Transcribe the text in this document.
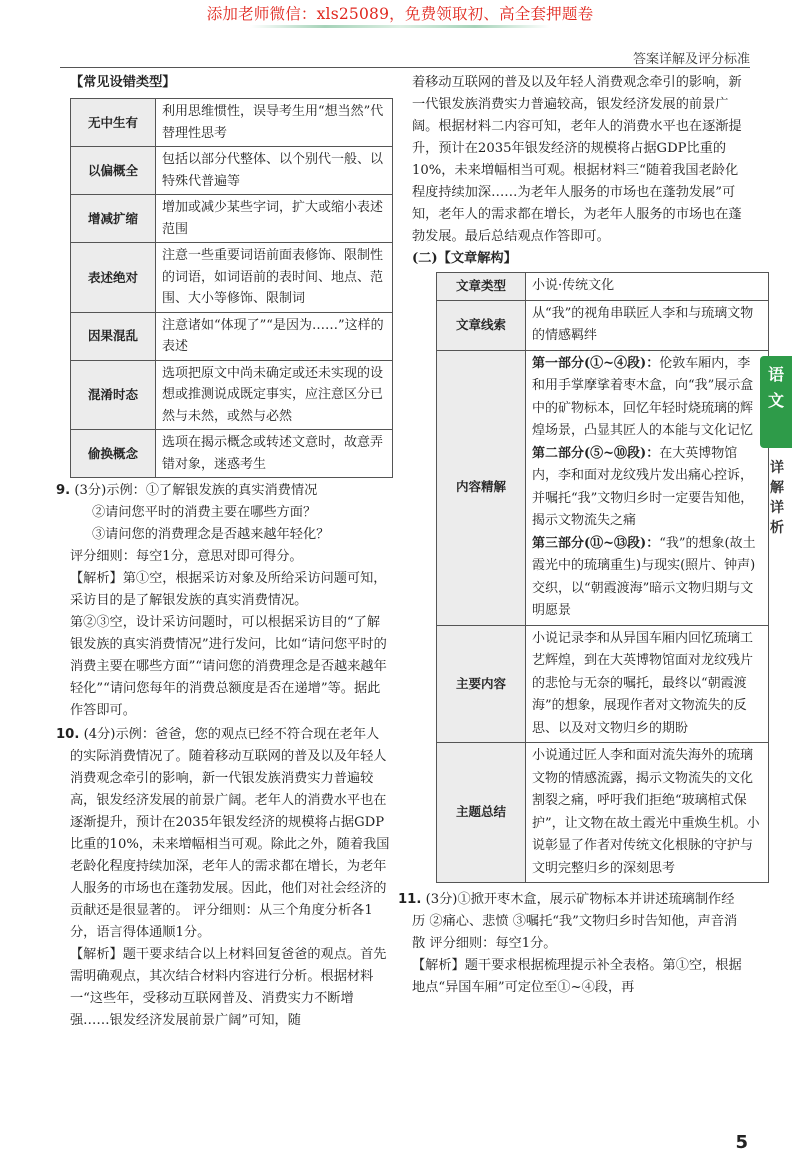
添加老师微信：xls25089，免费领取初、高全套押题卷
答案详解及评分标准
【常见设错类型】
无中生有	利用思维惯性，误导考生用“想当然”代替理性思考
以偏概全	包括以部分代整体、以个别代一般、以特殊代普遍等
增减扩缩	增加或减少某些字词，扩大或缩小表述范围
表述绝对	注意一些重要词语前面表修饰、限制性的词语，如词语前的表时间、地点、范围、大小等修饰、限制词
因果混乱	注意诸如“体现了”“是因为……”这样的表述
混淆时态	选项把原文中尚未确定或还未实现的设想或推测说成既定事实，应注意区分已然与未然，或然与必然
偷换概念	选项在揭示概念或转述文意时，故意弄错对象，迷惑考生

9. (3分)示例：①了解银发族的真实消费情况

②请问您平时的消费主要在哪些方面？

③请问您的消费理念是否越来越年轻化？

评分细则：每空1分，意思对即可得分。

【解析】第①空，根据采访对象及所给采访问题可知，采访目的是了解银发族的真实消费情况。

第②③空，设计采访问题时，可以根据采访目的“了解银发族的真实消费情况”进行发问，比如“请问您平时的消费主要在哪些方面”“请问您的消费理念是否越来越年轻化”“请问您每年的消费总额度是否在递增”等。据此作答即可。

10. (4分)示例：爸爸，您的观点已经不符合现在老年人的实际消费情况了。随着移动互联网的普及以及年轻人消费观念牵引的影响，新一代银发族消费实力普遍较高，银发经济发展的前景广阔。老年人的消费水平也在逐渐提升，预计在2035年银发经济的规模将占据GDP比重的10%，未来増幅相当可观。除此之外，随着我国老龄化程度持续加深，老年人的需求都在增长，为老年人服务的市场也在蓬勃发展。因此，他们对社会经济的贡献还是很显著的。 评分细则：从三个角度分析各1分，语言得体通顺1分。

【解析】题干要求结合以上材料回复爸爸的观点。首先需明确观点，其次结合材料内容进行分析。根据材料一“这些年，受移动互联网普及、消费实力不断增强……银发经济发展前景广阔”可知，随

着移动互联网的普及以及年轻人消费观念牵引的影响，新一代银发族消费实力普遍较高，银发经济发展的前景广阔。根据材料二内容可知，老年人的消费水平也在逐渐提升，预计在2035年银发经济的规模将占据GDP比重的10%，未来増幅相当可观。根据材料三“随着我国老龄化程度持续加深……为老年人服务的市场也在蓬勃发展”可知，老年人的需求都在增长，为老年人服务的市场也在蓬勃发展。最后总结观点作答即可。

(二)【文章解构】
文章类型	小说·传统文化
文章线索	从“我”的视角串联匠人李和与琉璃文物的情感羁绊
内容精解	第一部分(①~④段)：伦敦车厢内，李和用手掌摩挲着枣木盒，向“我”展示盒中的矿物标本，回忆年轻时烧琉璃的辉煌场景，凸显其匠人的本能与文化记忆

第二部分(⑤~⑩段)：在大英博物馆内，李和面对龙纹残片发出痛心控诉，并嘱托“我”文物归乡时一定要告知他，揭示文物流失之痛

第三部分(⑪~⑬段)：“我”的想象(故土霞光中的琉璃重生)与现实(照片、钟声)交织，以“朝霞渡海”暗示文物归期与文明愿景

主要内容	小说记录李和从异国车厢内回忆琉璃工艺辉煌，到在大英博物馆面对龙纹残片的悲怆与无奈的嘱托，最终以“朝霞渡海”的想象，展现作者对文物流失的反思、以及对文物归乡的期盼
主题总结	小说通过匠人李和面对流失海外的琉璃文物的情感流露，揭示文物流失的文化割裂之痛，呼吁我们拒绝“玻璃棺式保护”，让文物在故土霞光中重焕生机。小说彰显了作者对传统文化根脉的守护与文明完整归乡的深刻思考

11. (3分)①掀开枣木盒，展示矿物标本并讲述琉璃制作经历 ②痛心、悲愤 ③嘱托“我”文物归乡时告知他，声音消散 评分细则：每空1分。

【解析】题干要求根据梳理提示补全表格。第①空，根据地点“异国车厢”可定位至①~④段，再

语
文
详
解
详
析
5
